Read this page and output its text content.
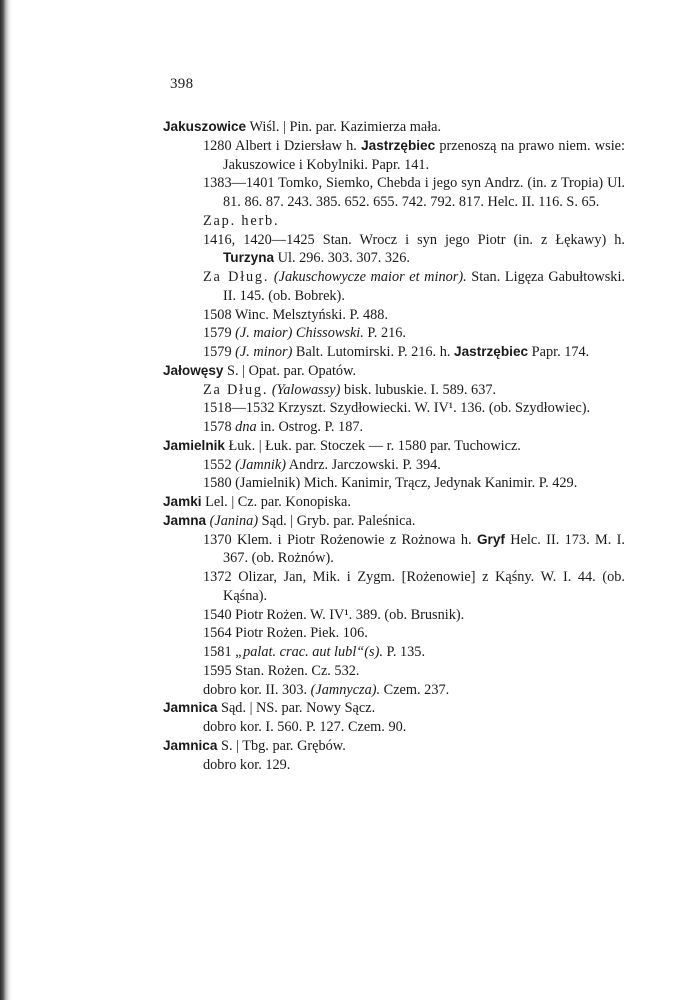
398
Jakuszowice Wiśl. | Pin. par. Kazimierza mała.
1280 Albert i Dziersław h. Jastrzębiec przenoszą na prawo niem. wsie: Jakuszowice i Kobylniki. Papr. 141.
1383—1401 Tomko, Siemko, Chebda i jego syn Andrz. (in. z Tropia) Ul. 81. 86. 87. 243. 385. 652. 655. 742. 792. 817. Helc. II. 116. S. 65.
Zap. herb.
1416, 1420—1425 Stan. Wrocz i syn jego Piotr (in. z Łękawy) h. Turzyna Ul. 296. 303. 307. 326.
Za Dług. (Jakuschowycze maior et minor). Stan. Ligęza Gabułtowski. II. 145. (ob. Bobrek).
1508 Winc. Melsztyński. P. 488.
1579 (J. maior) Chissowski. P. 216.
1579 (J. minor) Balt. Lutomirski. P. 216. h. Jastrzębiec Papr. 174.
Jałowęsy S. | Opat. par. Opatów.
Za Dług. (Yalowassy) bisk. lubuskie. I. 589. 637.
1518—1532 Krzyszt. Szydłowiecki. W. IV¹. 136. (ob. Szydłowiec).
1578 dna in. Ostrog. P. 187.
Jamielnik Łuk. | Łuk. par. Stoczek — r. 1580 par. Tuchowicz.
1552 (Jamnik) Andrz. Jarczowski. P. 394.
1580 (Jamielnik) Mich. Kanimir, Trącz, Jedynak Kanimir. P. 429.
Jamki Lel. | Cz. par. Konopiska.
Jamna (Janina) Sąd. | Gryb. par. Paleśnica.
1370 Klem. i Piotr Rożenowie z Rożnowa h. Gryf Helc. II. 173. M. I. 367. (ob. Rożnów).
1372 Olizar, Jan, Mik. i Zygm. [Rożenowie] z Kąśny. W. I. 44. (ob. Kąśna).
1540 Piotr Rożen. W. IV¹. 389. (ob. Brusnik).
1564 Piotr Rożen. Piek. 106.
1581 „palat. crac. aut lubl“(s). P. 135.
1595 Stan. Rożen. Cz. 532.
dobro kor. II. 303. (Jamnycza). Czem. 237.
Jamnica Sąd. | NS. par. Nowy Sącz.
dobro kor. I. 560. P. 127. Czem. 90.
Jamnica S. | Tbg. par. Grębów.
dobro kor. 129.
